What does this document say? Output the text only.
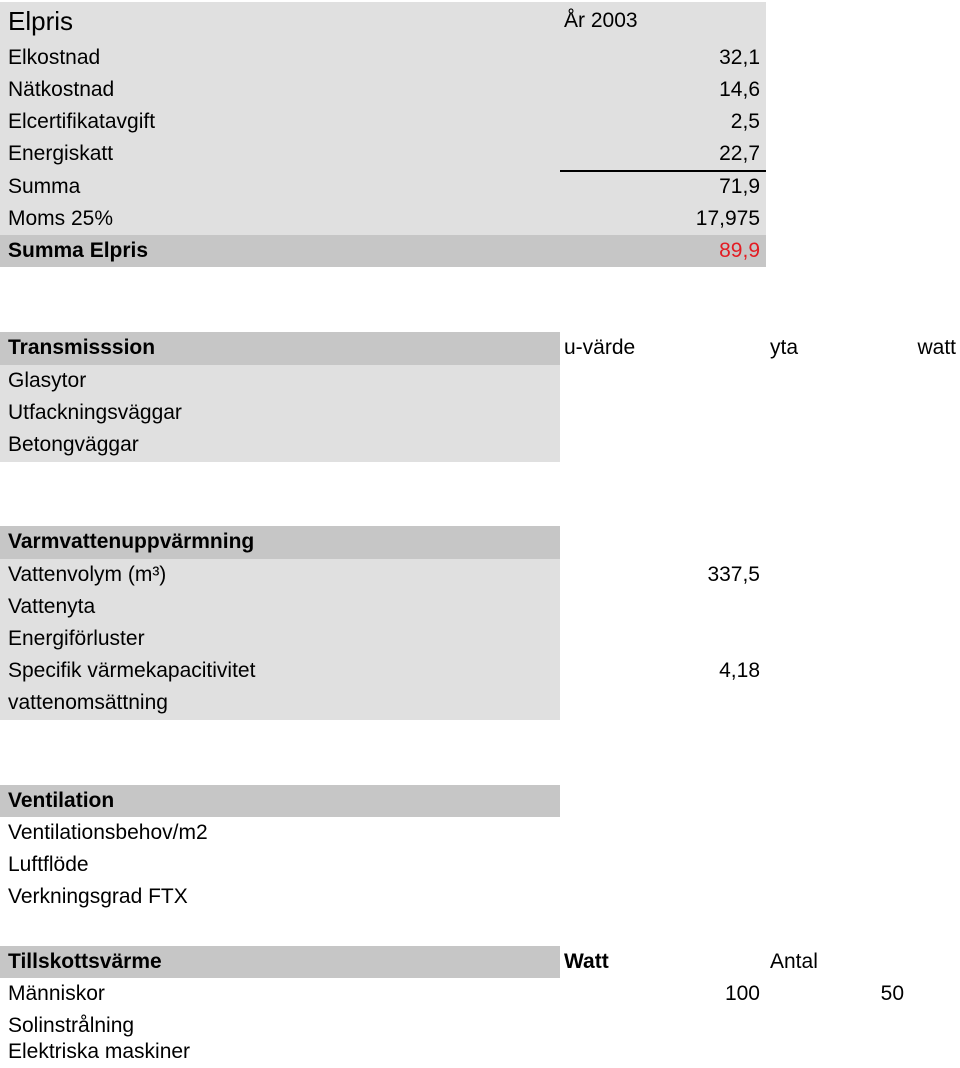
Elpris	År 2003
Elkostnad	32,1
Nätkostnad	14,6
Elcertifikatavgift	2,5
Energiskatt	22,7
Summa	71,9
Moms 25%	17,975
Summa Elpris	89,9
Transmisssion	u-värde	yta	watt
Glasytor
Utfackningsväggar
Betongväggar
Varmvattenuppvärmning
Vattenvolym (m³)	337,5
Vattenyta
Energiförluster
Specifik värmekapacitivitet	4,18
vattenomsättning
Ventilation
Ventilationsbehov/m2
Luftflöde
Verkningsgrad FTX
Tillskottsvärme	Watt	Antal
Människor	100	50
Solinstrålning
Elektriska maskiner
